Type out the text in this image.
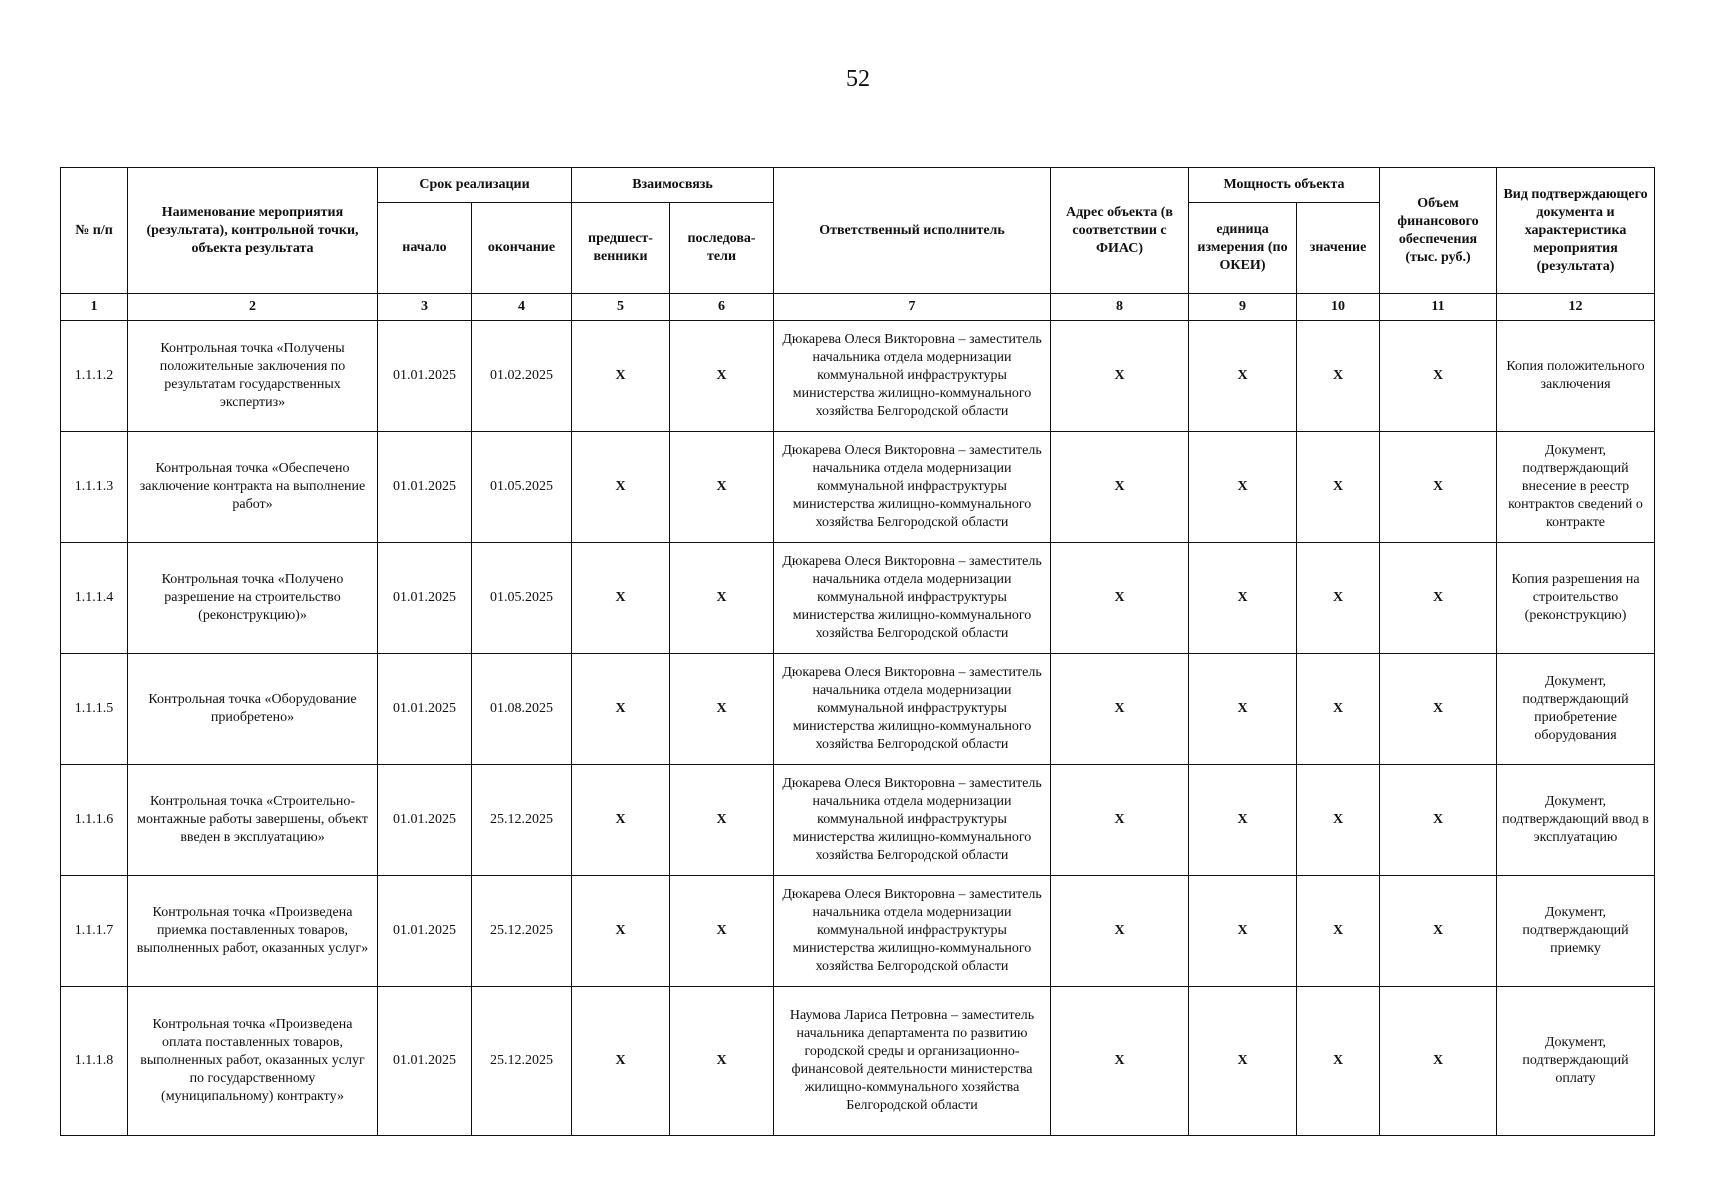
52
№ п/п	Наименование мероприятия (результата), контрольной точки, объекта результата	Срок реализации		Взаимосвязь		Ответственный исполнитель	Адрес объекта (в соответствии с ФИАС)	Мощность объекта		Объем финансового обеспечения (тыс. руб.)	Вид подтверждающего документа и характеристика мероприятия (результата)
		начало	окончание	предшест-венники	последова-тели			единица измерения (по ОКЕИ)	значение		
1	2	3	4	5	6	7	8	9	10	11	12
1.1.1.2	Контрольная точка «Получены положительные заключения по результатам государственных экспертиз»	01.01.2025	01.02.2025	X	X	Дюкарева Олеся Викторовна – заместитель начальника отдела модернизации коммунальной инфраструктуры министерства жилищно-коммунального хозяйства Белгородской области	X	X	X	X	Копия положительного заключения
1.1.1.3	Контрольная точка «Обеспечено заключение контракта на выполнение работ»	01.01.2025	01.05.2025	X	X	Дюкарева Олеся Викторовна – заместитель начальника отдела модернизации коммунальной инфраструктуры министерства жилищно-коммунального хозяйства Белгородской области	X	X	X	X	Документ, подтверждающий внесение в реестр контрактов сведений о контракте
1.1.1.4	Контрольная точка «Получено разрешение на строительство (реконструкцию)»	01.01.2025	01.05.2025	X	X	Дюкарева Олеся Викторовна – заместитель начальника отдела модернизации коммунальной инфраструктуры министерства жилищно-коммунального хозяйства Белгородской области	X	X	X	X	Копия разрешения на строительство (реконструкцию)
1.1.1.5	Контрольная точка «Оборудование приобретено»	01.01.2025	01.08.2025	X	X	Дюкарева Олеся Викторовна – заместитель начальника отдела модернизации коммунальной инфраструктуры министерства жилищно-коммунального хозяйства Белгородской области	X	X	X	X	Документ, подтверждающий приобретение оборудования
1.1.1.6	Контрольная точка «Строительно-монтажные работы завершены, объект введен в эксплуатацию»	01.01.2025	25.12.2025	X	X	Дюкарева Олеся Викторовна – заместитель начальника отдела модернизации коммунальной инфраструктуры министерства жилищно-коммунального хозяйства Белгородской области	X	X	X	X	Документ, подтверждающий ввод в эксплуатацию
1.1.1.7	Контрольная точка «Произведена приемка поставленных товаров, выполненных работ, оказанных услуг»	01.01.2025	25.12.2025	X	X	Дюкарева Олеся Викторовна – заместитель начальника отдела модернизации коммунальной инфраструктуры министерства жилищно-коммунального хозяйства Белгородской области	X	X	X	X	Документ, подтверждающий приемку
1.1.1.8	Контрольная точка «Произведена оплата поставленных товаров, выполненных работ, оказанных услуг по государственному (муниципальному) контракту»	01.01.2025	25.12.2025	X	X	Наумова Лариса Петровна – заместитель начальника департамента по развитию городской среды и организационно-финансовой деятельности министерства жилищно-коммунального хозяйства Белгородской области	X	X	X	X	Документ, подтверждающий оплату
